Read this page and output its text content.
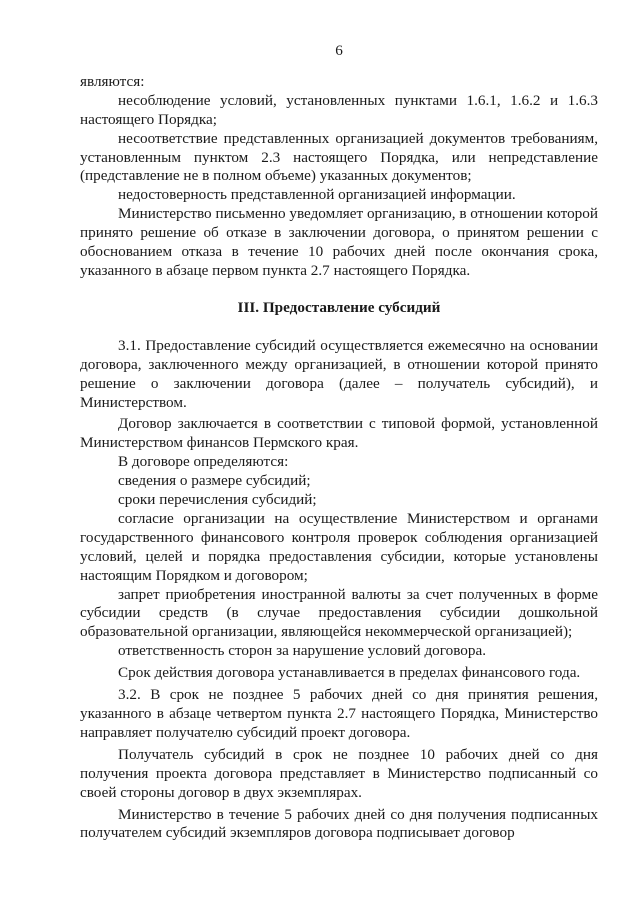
6

являются:

несоблюдение условий, установленных пунктами 1.6.1, 1.6.2 и 1.6.3 настоящего Порядка;

несоответствие представленных организацией документов требованиям, установленным пунктом 2.3 настоящего Порядка, или непредставление (представление не в полном объеме) указанных документов;

недостоверность представленной организацией информации.

Министерство письменно уведомляет организацию, в отношении которой принято решение об отказе в заключении договора, о принятом решении с обоснованием отказа в течение 10 рабочих дней после окончания срока, указанного в абзаце первом пункта 2.7 настоящего Порядка.

III. Предоставление субсидий

3.1. Предоставление субсидий осуществляется ежемесячно на основании договора, заключенного между организацией, в отношении которой принято решение о заключении договора (далее – получатель субсидий), и Министерством.

Договор заключается в соответствии с типовой формой, установленной Министерством финансов Пермского края.

В договоре определяются:

сведения о размере субсидий;

сроки перечисления субсидий;

согласие организации на осуществление Министерством и органами государственного финансового контроля проверок соблюдения организацией условий, целей и порядка предоставления субсидии, которые установлены настоящим Порядком и договором;

запрет приобретения иностранной валюты за счет полученных в форме субсидии средств (в случае предоставления субсидии дошкольной образовательной организации, являющейся некоммерческой организацией);

ответственность сторон за нарушение условий договора.

Срок действия договора устанавливается в пределах финансового года.

3.2. В срок не позднее 5 рабочих дней со дня принятия решения, указанного в абзаце четвертом пункта 2.7 настоящего Порядка, Министерство направляет получателю субсидий проект договора.

Получатель субсидий в срок не позднее 10 рабочих дней со дня получения проекта договора представляет в Министерство подписанный со своей стороны договор в двух экземплярах.

Министерство в течение 5 рабочих дней со дня получения подписанных получателем субсидий экземпляров договора подписывает договор
